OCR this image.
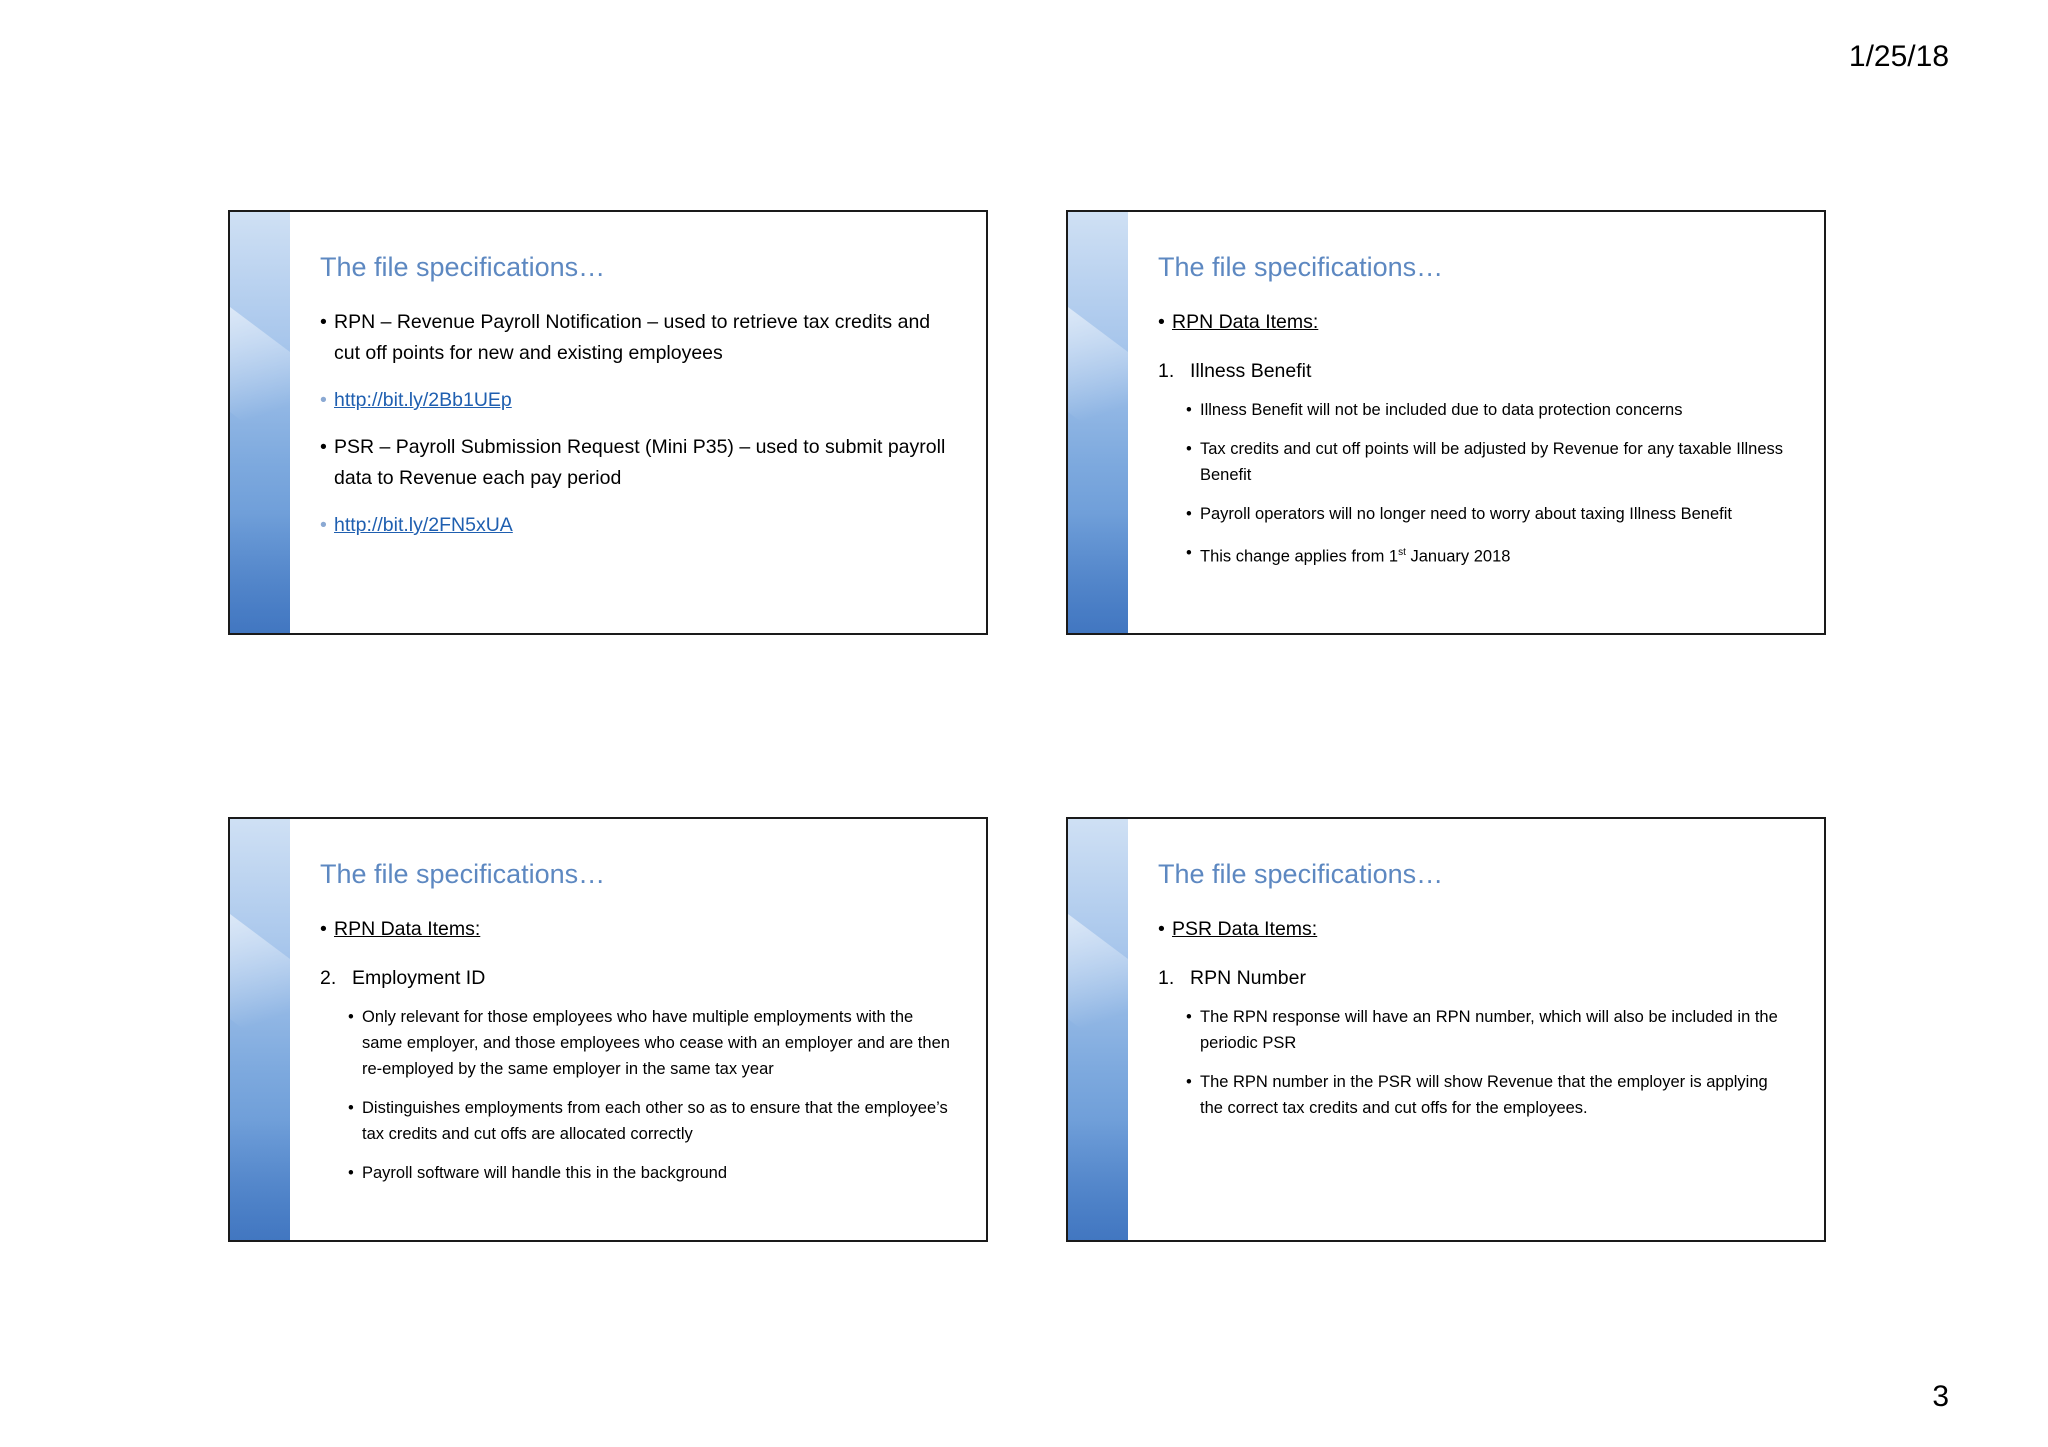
1/25/18
The file specifications…
• RPN – Revenue Payroll Notification – used to retrieve tax credits and cut off points for new and existing employees
• http://bit.ly/2Bb1UEp
• PSR – Payroll Submission Request (Mini P35) – used to submit payroll data to Revenue each pay period
• http://bit.ly/2FN5xUA
The file specifications…
• RPN Data Items:
1. Illness Benefit
• Illness Benefit will not be included due to data protection concerns
• Tax credits and cut off points will be adjusted by Revenue for any taxable Illness Benefit
• Payroll operators will no longer need to worry about taxing Illness Benefit
• This change applies from 1st January 2018
The file specifications…
• RPN Data Items:
2. Employment ID
• Only relevant for those employees who have multiple employments with the same employer, and those employees who cease with an employer and are then re-employed by the same employer in the same tax year
• Distinguishes employments from each other so as to ensure that the employee’s tax credits and cut offs are allocated correctly
• Payroll software will handle this in the background
The file specifications…
• PSR Data Items:
1. RPN Number
• The RPN response will have an RPN number, which will also be included in the periodic PSR
• The RPN number in the PSR will show Revenue that the employer is applying the correct tax credits and cut offs for the employees.
3
